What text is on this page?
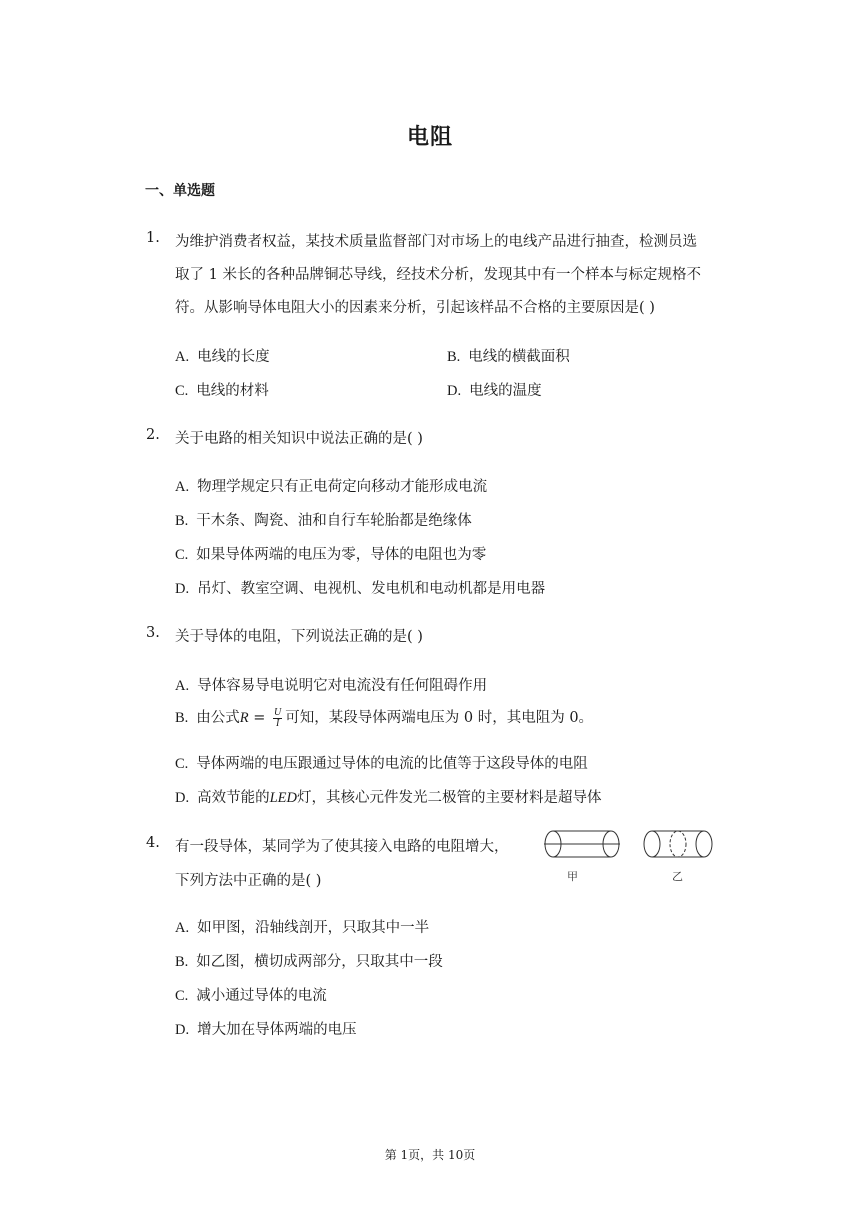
电阻
一、单选题
1. 为维护消费者权益，某技术质量监督部门对市场上的电线产品进行抽查，检测员选
取了 1 米长的各种品牌铜芯导线，经技术分析，发现其中有一个样本与标定规格不
符。从影响导体电阻大小的因素来分析，引起该样品不合格的主要原因是( )
A. 电线的长度	B. 电线的横截面积
C. 电线的材料	D. 电线的温度
2. 关于电路的相关知识中说法正确的是( )
A. 物理学规定只有正电荷定向移动才能形成电流
B. 干木条、陶瓷、油和自行车轮胎都是绝缘体
C. 如果导体两端的电压为零，导体的电阻也为零
D. 吊灯、教室空调、电视机、发电机和电动机都是用电器
3. 关于导体的电阻，下列说法正确的是( )
A. 导体容易导电说明它对电流没有任何阻碍作用
B. 由公式$R = \frac{U}{I}$ 可知，某段导体两端电压为 0 时，其电阻为 0。
C. 导体两端的电压跟通过导体的电流的比值等于这段导体的电阻
D. 高效节能的LED灯，其核心元件发光二极管的主要材料是超导体
4. 有一段导体，某同学为了使其接入电路的电阻增大，
下列方法中正确的是( )	甲	乙
A. 如甲图，沿轴线剖开，只取其中一半
B. 如乙图，横切成两部分，只取其中一段
C. 减小通过导体的电流
D. 增大加在导体两端的电压
第 1页，共 10页
